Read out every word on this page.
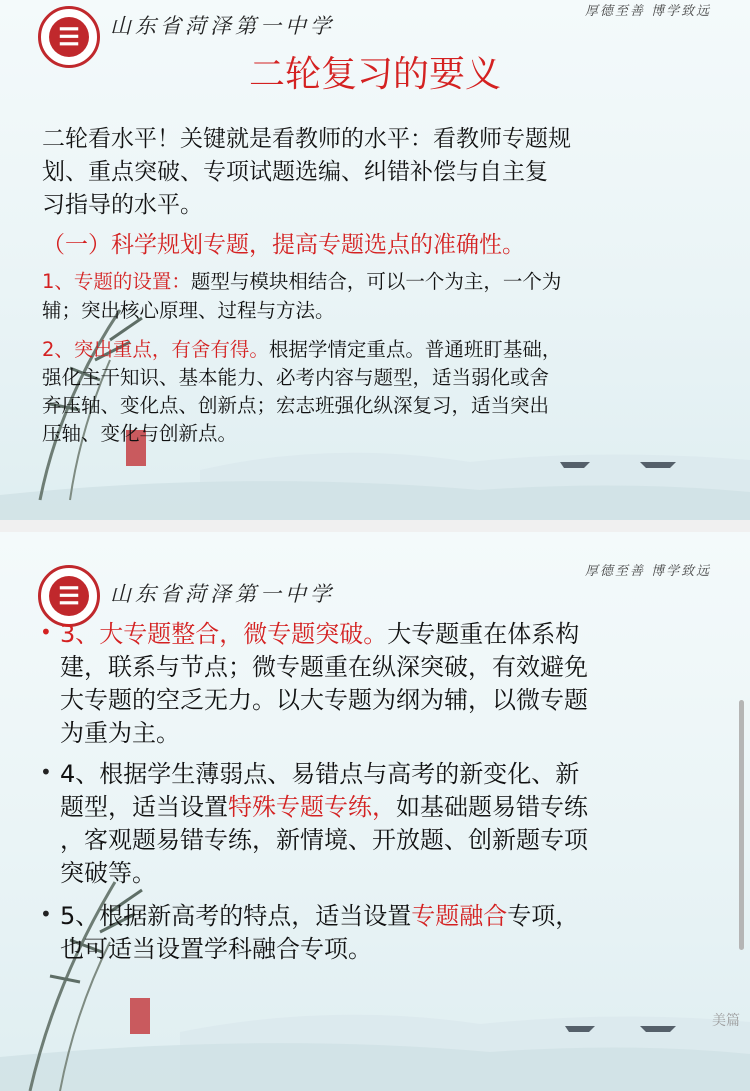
☰	山东省菏泽第一中学
厚德至善 博学致远
二轮复习的要义
二轮看水平！关键就是看教师的水平：看教师专题规
划、重点突破、专项试题选编、纠错补偿与自主复
习指导的水平。
（一）科学规划专题，提高专题选点的准确性。
1、专题的设置：题型与模块相结合，可以一个为主，一个为
辅；突出核心原理、过程与方法。
2、突出重点，有舍有得。根据学情定重点。普通班盯基础，
强化主干知识、基本能力、必考内容与题型，适当弱化或舍
弃压轴、变化点、创新点；宏志班强化纵深复习，适当突出
压轴、变化与创新点。
☰	山东省菏泽第一中学
厚德至善 博学致远
• 3、大专题整合，微专题突破。大专题重在体系构
建，联系与节点；微专题重在纵深突破，有效避免
大专题的空乏无力。以大专题为纲为辅，以微专题
为重为主。
• 4、根据学生薄弱点、易错点与高考的新变化、新
题型，适当设置特殊专题专练，如基础题易错专练
，客观题易错专练，新情境、开放题、创新题专项
突破等。
• 5、根据新高考的特点，适当设置专题融合专项，
也可适当设置学科融合专项。
美篇
